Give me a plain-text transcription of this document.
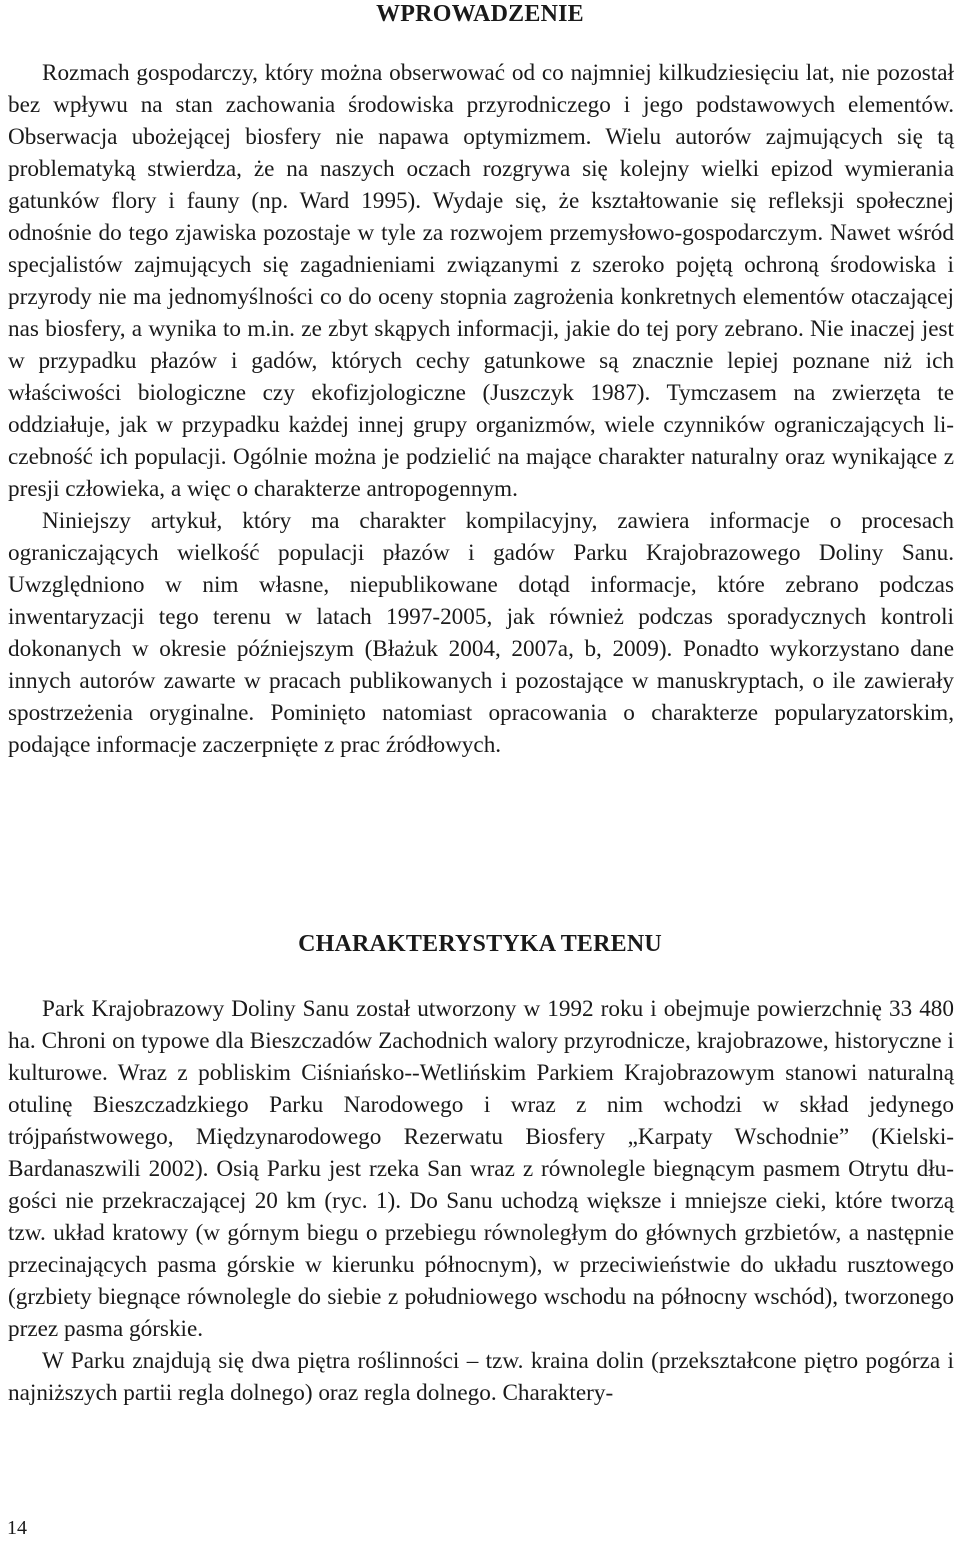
WPROWADZENIE

Rozmach gospodarczy, który można obserwować od co najmniej kilkudziesięciu lat, nie pozostał bez wpływu na stan zachowania środowiska przyrodniczego i jego podstawowych elementów. Obserwacja ubożejącej biosfery nie napawa optymizmem. Wielu autorów zajmujących się tą problematyką stwierdza, że na naszych oczach rozgrywa się kolejny wielki epizod wymierania gatunków flory i fauny (np. Ward 1995). Wydaje się, że kształtowanie się refleksji społecznej odnośnie do tego zjawiska pozostaje w tyle za rozwojem przemysłowo-gospodarczym. Nawet wśród specjalistów zajmujących się zagadnieniami związanymi z szeroko pojętą ochroną środowiska i przyrody nie ma jednomyślności co do oceny stopnia zagrożenia konkretnych elementów otaczającej nas biosfery, a wynika to m.in. ze zbyt skąpych informacji, jakie do tej pory zebrano. Nie inaczej jest w przypadku płazów i gadów, których cechy gatunkowe są znacznie lepiej poznane niż ich właściwości biologiczne czy ekofizjologiczne (Juszczyk 1987). Tymczasem na zwierzęta te oddziałuje, jak w przypadku każdej innej grupy organizmów, wiele czynników ograniczających liczebność ich populacji. Ogólnie można je podzielić na mające charakter naturalny oraz wynikające z presji człowieka, a więc o charakterze antropogennym.

Niniejszy artykuł, który ma charakter kompilacyjny, zawiera informacje o procesach ograniczających wielkość populacji płazów i gadów Parku Krajobrazowego Doliny Sanu. Uwzględniono w nim własne, niepublikowane dotąd informacje, które zebrano podczas inwentaryzacji tego terenu w latach 1997-2005, jak również podczas sporadycznych kontroli dokonanych w okresie późniejszym (Błażuk 2004, 2007a, b, 2009). Ponadto wykorzystano dane innych autorów zawarte w pracach publikowanych i pozostające w manuskryptach, o ile zawierały spostrzeżenia oryginalne. Pominięto natomiast opracowania o charakterze popularyzatorskim, podające informacje zaczerpnięte z prac źródłowych.

CHARAKTERYSTYKA TERENU

Park Krajobrazowy Doliny Sanu został utworzony w 1992 roku i obejmuje powierzchnię 33 480 ha. Chroni on typowe dla Bieszczadów Zachodnich walory przyrodnicze, krajobrazowe, historyczne i kulturowe. Wraz z pobliskim Ciśniańsko-​-Wetlińskim Parkiem Krajobrazowym stanowi naturalną otulinę Bieszczadzkiego Parku Narodowego i wraz z nim wchodzi w skład jedynego trójpaństwowego, Międzynarodowego Rezerwatu Biosfery „Karpaty Wschodnie” (Kielski-Bardanaszwili 2002). Osią Parku jest rzeka San wraz z równolegle biegnącym pasmem Otrytu długości nie przekraczającej 20 km (ryc. 1). Do Sanu uchodzą większe i mniejsze cieki, które tworzą tzw. układ kratowy (w górnym biegu o przebiegu równoległym do głównych grzbietów, a następnie przecinających pasma górskie w kierunku północnym), w przeciwieństwie do układu rusztowego (grzbiety biegnące równolegle do siebie z południowego wschodu na północny wschód), tworzonego przez pasma górskie.

W Parku znajdują się dwa piętra roślinności – tzw. kraina dolin (przekształcone piętro pogórza i najniższych partii regla dolnego) oraz regla dolnego. Charaktery-

14
